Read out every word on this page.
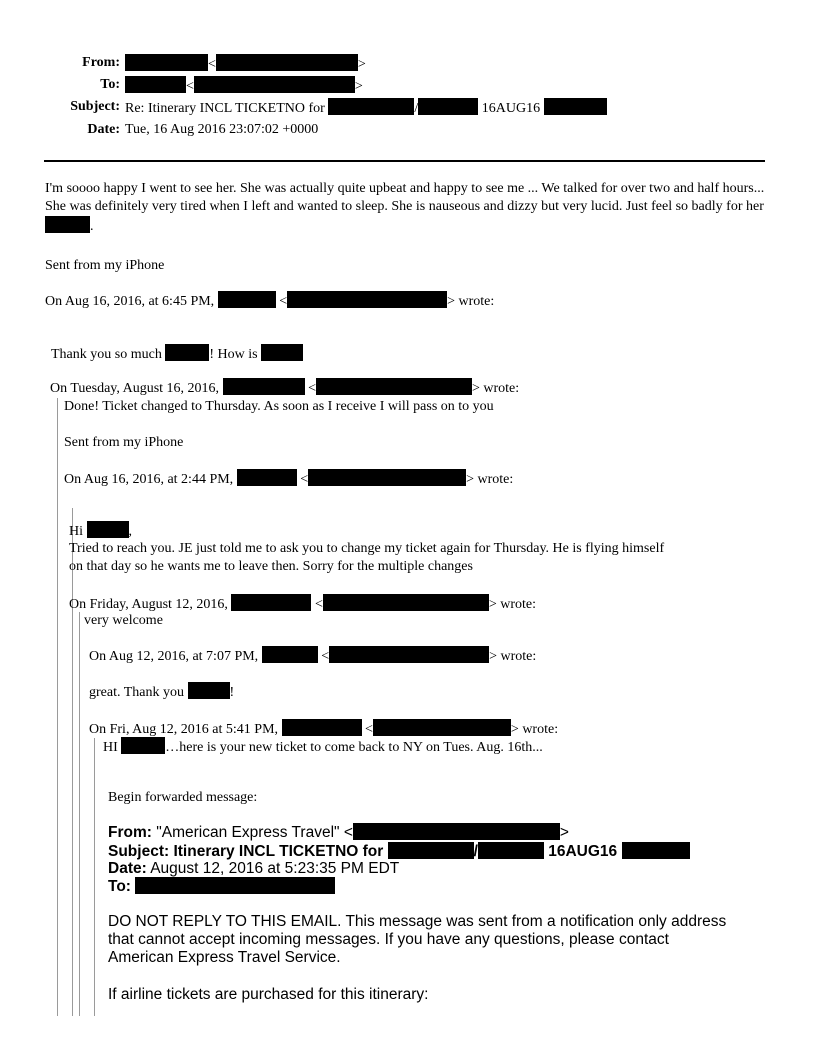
From:	<	>
To:	<	>
Subject: Re: Itinerary INCL TICKETNO for	/	16AUG16
Date: Tue, 16 Aug 2016 23:07:02 +0000
I'm soooo happy I went to see her. She was actually quite upbeat and happy to see me ... We talked for over two and half hours... She was definitely very tired when I left and wanted to sleep. She is nauseous and dizzy but very lucid. Just feel so badly for her .
Sent from my iPhone
On Aug 16, 2016, at 6:45 PM,	<	> wrote:
Thank you so much	! How is
On Tuesday, August 16, 2016,	<	> wrote:
Done! Ticket changed to Thursday. As soon as I receive I will pass on to you
Sent from my iPhone
On Aug 16, 2016, at 2:44 PM,	<	> wrote:
Hi	,
Tried to reach you. JE just told me to ask you to change my ticket again for Thursday. He is flying himself
on that day so he wants me to leave then. Sorry for the multiple changes
On Friday, August 12, 2016,	<	> wrote:
very welcome
On Aug 12, 2016, at 7:07 PM,	<	> wrote:
great. Thank you	!
On Fri, Aug 12, 2016 at 5:41 PM,	<	> wrote:
HI	…here is your new ticket to come back to NY on Tues. Aug. 16th...
Begin forwarded message:
From: "American Express Travel" <	>
Subject: Itinerary INCL TICKETNO for	/	16AUG16
Date: August 12, 2016 at 5:23:35 PM EDT
To:
DO NOT REPLY TO THIS EMAIL. This message was sent from a notification only address
that cannot accept incoming messages. If you have any questions, please contact
American Express Travel Service.
If airline tickets are purchased for this itinerary:
